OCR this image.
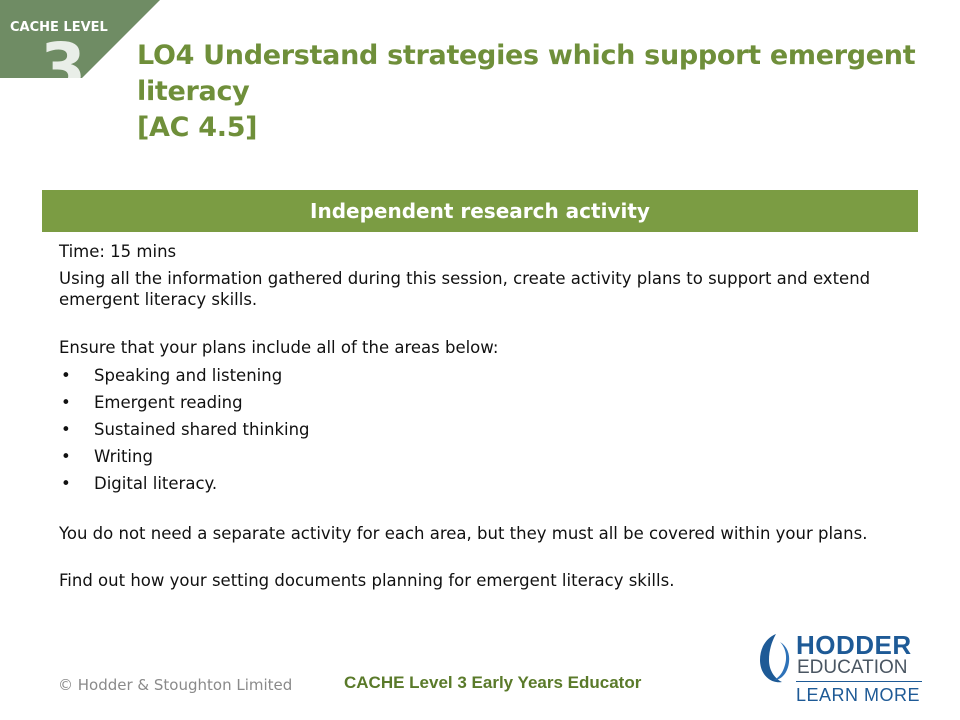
CACHE LEVEL
3 LO4 Understand strategies which support emergent literacy
[AC 4.5]
Independent research activity

Time: 15 mins

Using all the information gathered during this session, create activity plans to support and extend emergent literacy skills.

Ensure that your plans include all of the areas below:

• Speaking and listening
• Emergent reading
• Sustained shared thinking
• Writing
• Digital literacy.

You do not need a separate activity for each area, but they must all be covered within your plans.

Find out how your setting documents planning for emergent literacy skills.

© Hodder & Stoughton Limited	CACHE Level 3 Early Years Educator
HODDER
EDUCATION
LEARN MORE
